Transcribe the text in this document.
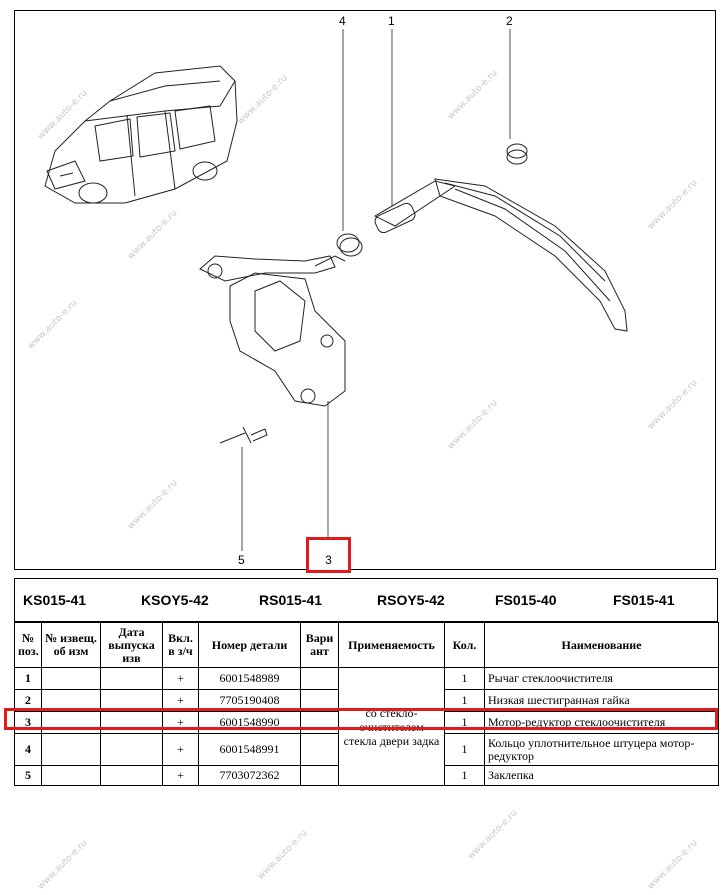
4	1	2
5	3
www.auto-e.ru
www.auto-e.ru
www.auto-e.ru	www.auto-e.ru
www.auto-e.ru
www.auto-e.ru
www.auto-e.ru
www.auto-e.ru
www.auto-e.ru
www.auto-e.ru	www.auto-e.ru	www.auto-e.ru
www.auto-e.ru
KS015-41	KSOY5-42	RS015-41	RSOY5-42	FS015-40	FS015-41
№ поз.	№ извещ. об изм	Дата выпуска изв	Вкл. в з/ч	Номер детали	Вари ант	Применяемость	Кол.	Наименование
1			+	6001548989		со стекло-
очистителем
стекла двери задка	1	Рычаг стеклоочистителя
2			+	7705190408			1	Низкая шестигранная гайка
3			+	6001548990			1	Мотор-редуктор стеклоочистителя
4			+	6001548991			1	Кольцо уплотнительное штуцера мотор-редуктор
5			+	7703072362			1	Заклепка
